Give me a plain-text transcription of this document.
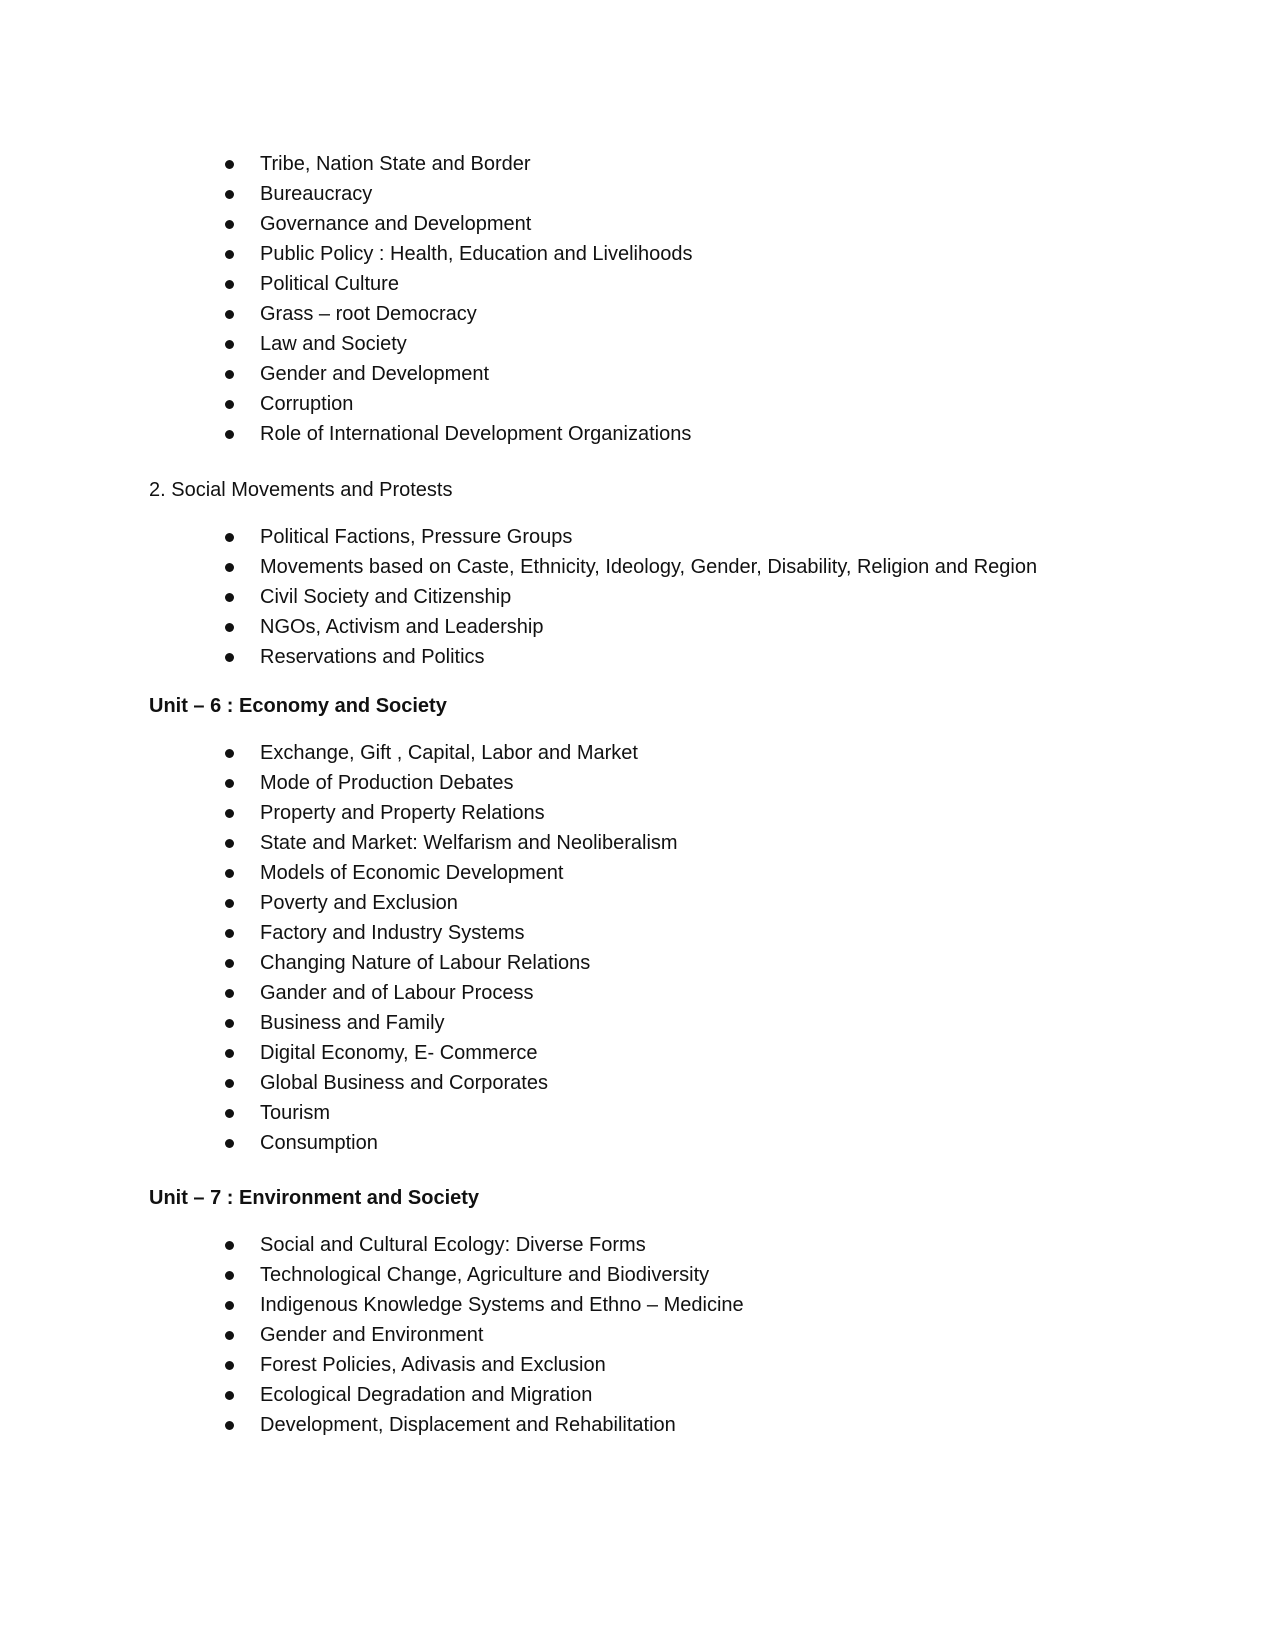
Tribe, Nation State and Border
Bureaucracy
Governance and Development
Public Policy : Health, Education and Livelihoods
Political Culture
Grass – root Democracy
Law and Society
Gender and Development
Corruption
Role of International Development Organizations
2. Social Movements and Protests
Political Factions, Pressure Groups
Movements based on Caste, Ethnicity, Ideology, Gender, Disability, Religion and Region
Civil Society and Citizenship
NGOs, Activism and Leadership
Reservations and Politics
Unit – 6 : Economy and Society
Exchange, Gift , Capital, Labor and Market
Mode of Production Debates
Property and Property Relations
State and Market: Welfarism and Neoliberalism
Models of Economic Development
Poverty and Exclusion
Factory and Industry Systems
Changing Nature of Labour Relations
Gander and of Labour Process
Business and Family
Digital Economy, E- Commerce
Global Business and Corporates
Tourism
Consumption
Unit – 7 : Environment and Society
Social and Cultural Ecology: Diverse Forms
Technological Change, Agriculture and Biodiversity
Indigenous Knowledge Systems and Ethno – Medicine
Gender and Environment
Forest Policies, Adivasis and Exclusion
Ecological Degradation and Migration
Development, Displacement and Rehabilitation
